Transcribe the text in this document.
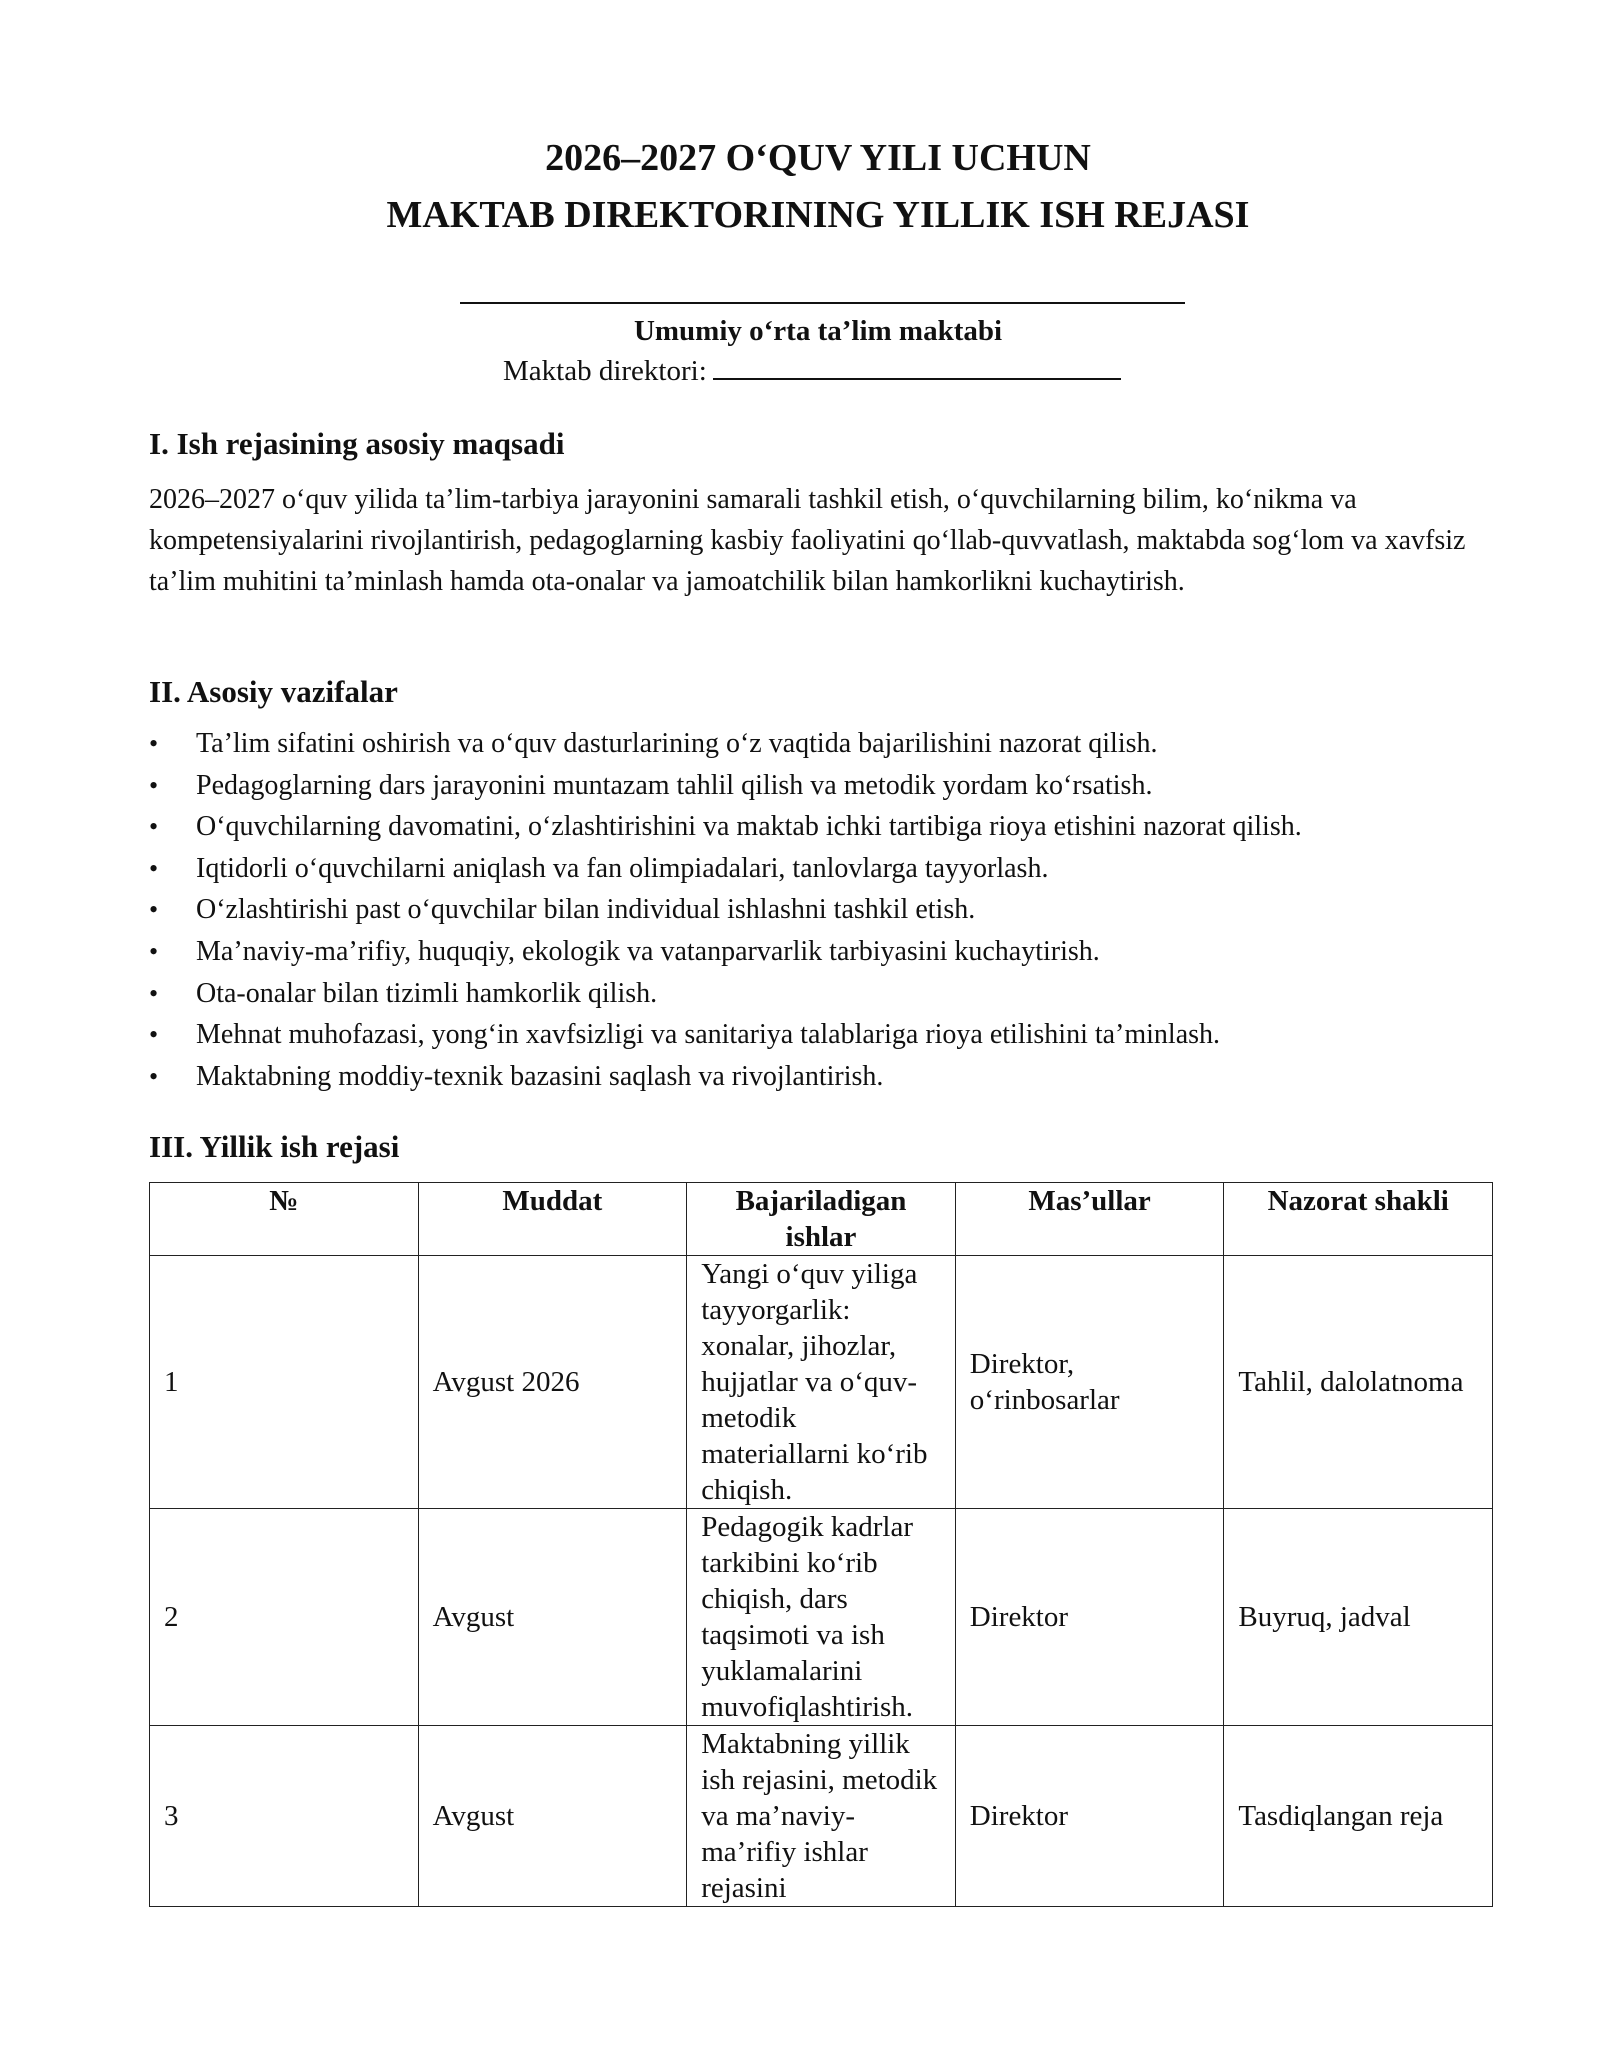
2026–2027 O‘QUV YILI UCHUN
MAKTAB DIREKTORINING YILLIK ISH REJASI
Umumiy o‘rta ta’lim maktabi
Maktab direktori:
I. Ish rejasining asosiy maqsadi

2026–2027 o‘quv yilida ta’lim-tarbiya jarayonini samarali tashkil etish, o‘quvchilarning bilim, ko‘nikma va kompetensiyalarini rivojlantirish, pedagoglarning kasbiy faoliyatini qo‘llab-quvvatlash, maktabda sog‘lom va xavfsiz ta’lim muhitini ta’minlash hamda ota-onalar va jamoatchilik bilan hamkorlikni kuchaytirish.

II. Asosiy vazifalar
• Ta’lim sifatini oshirish va o‘quv dasturlarining o‘z vaqtida bajarilishini nazorat qilish.
• Pedagoglarning dars jarayonini muntazam tahlil qilish va metodik yordam ko‘rsatish.
• O‘quvchilarning davomatini, o‘zlashtirishini va maktab ichki tartibiga rioya etishini nazorat qilish.
• Iqtidorli o‘quvchilarni aniqlash va fan olimpiadalari, tanlovlarga tayyorlash.
• O‘zlashtirishi past o‘quvchilar bilan individual ishlashni tashkil etish.
• Ma’naviy-ma’rifiy, huquqiy, ekologik va vatanparvarlik tarbiyasini kuchaytirish.
• Ota-onalar bilan tizimli hamkorlik qilish.
• Mehnat muhofazasi, yong‘in xavfsizligi va sanitariya talablariga rioya etilishini ta’minlash.
• Maktabning moddiy-texnik bazasini saqlash va rivojlantirish.
III. Yillik ish rejasi
№	Muddat	Bajariladigan ishlar	Mas’ullar	Nazorat shakli
1	Avgust 2026	Yangi o‘quv yiliga tayyorgarlik: xonalar, jihozlar, hujjatlar va o‘quv-metodik materiallarni ko‘rib chiqish.	Direktor, o‘rinbosarlar	Tahlil, dalolatnoma
2	Avgust	Pedagogik kadrlar tarkibini ko‘rib chiqish, dars taqsimoti va ish yuklamalarini muvofiqlashtirish.	Direktor	Buyruq, jadval
3	Avgust	Maktabning yillik ish rejasini, metodik va ma’naviy-ma’rifiy ishlar rejasini	Direktor	Tasdiqlangan reja
